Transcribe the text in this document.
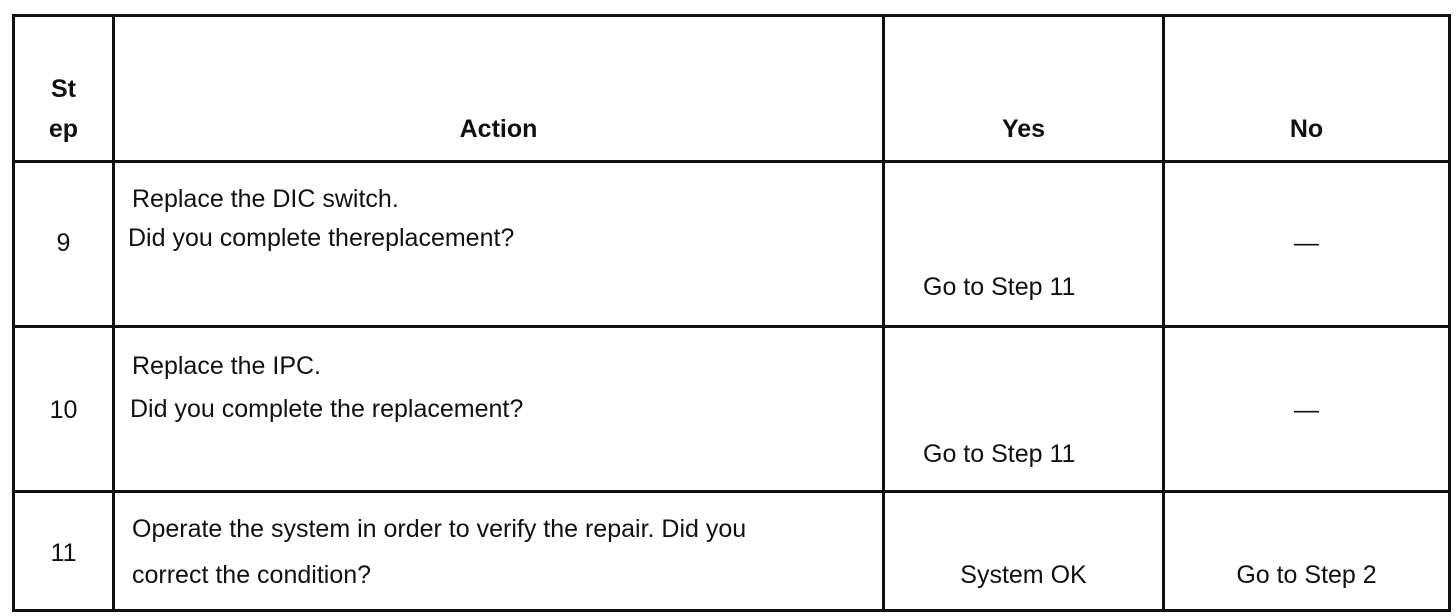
St
ep	Action	Yes	No

9	Replace the DIC switch.
Did you complete thereplacement?	Go to Step 11	—

10	Replace the IPC.
Did you complete the replacement?	Go to Step 11	—

11	Operate the system in order to verify the repair. Did you
correct the condition?	System OK	Go to Step 2
